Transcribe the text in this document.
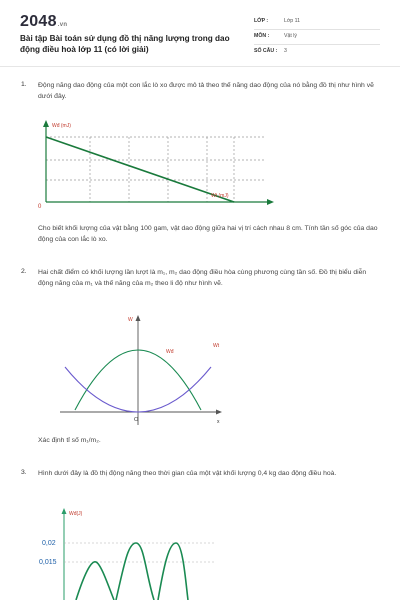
2048.vn
Bài tập Bài toán sử dụng đồ thị năng lượng trong dao động điều hoà lớp 11 (có lời giải)
LỚP :	Lớp 11
MÔN :	Vật lý
SỐ CÂU : 3
1. Động năng dao động của một con lắc lò xo được mô tả theo thế năng dao động của nó bằng đồ thị như hình vẽ dưới đây.
Wđ (mJ)
Wt (mJ)
0
Cho biết khối lượng của vật bằng 100 gam, vật dao động giữa hai vị trí cách nhau 8 cm. Tính tần số góc của dao động của con lắc lò xo.
2. Hai chất điểm có khối lượng lần lượt là m₁, m₂ dao động điều hòa cùng phương cùng tần số. Đồ thị biểu diễn động năng của m₁ và thế năng của m₂ theo li độ như hình vẽ.
W
x
O
Wđ
Wt
Xác định tỉ số m₁/m₂.
3. Hình dưới đây là đồ thị động năng theo thời gian của một vật khối lượng 0,4 kg dao động điều hoà.
Wđ(J)
0,02
0,015
